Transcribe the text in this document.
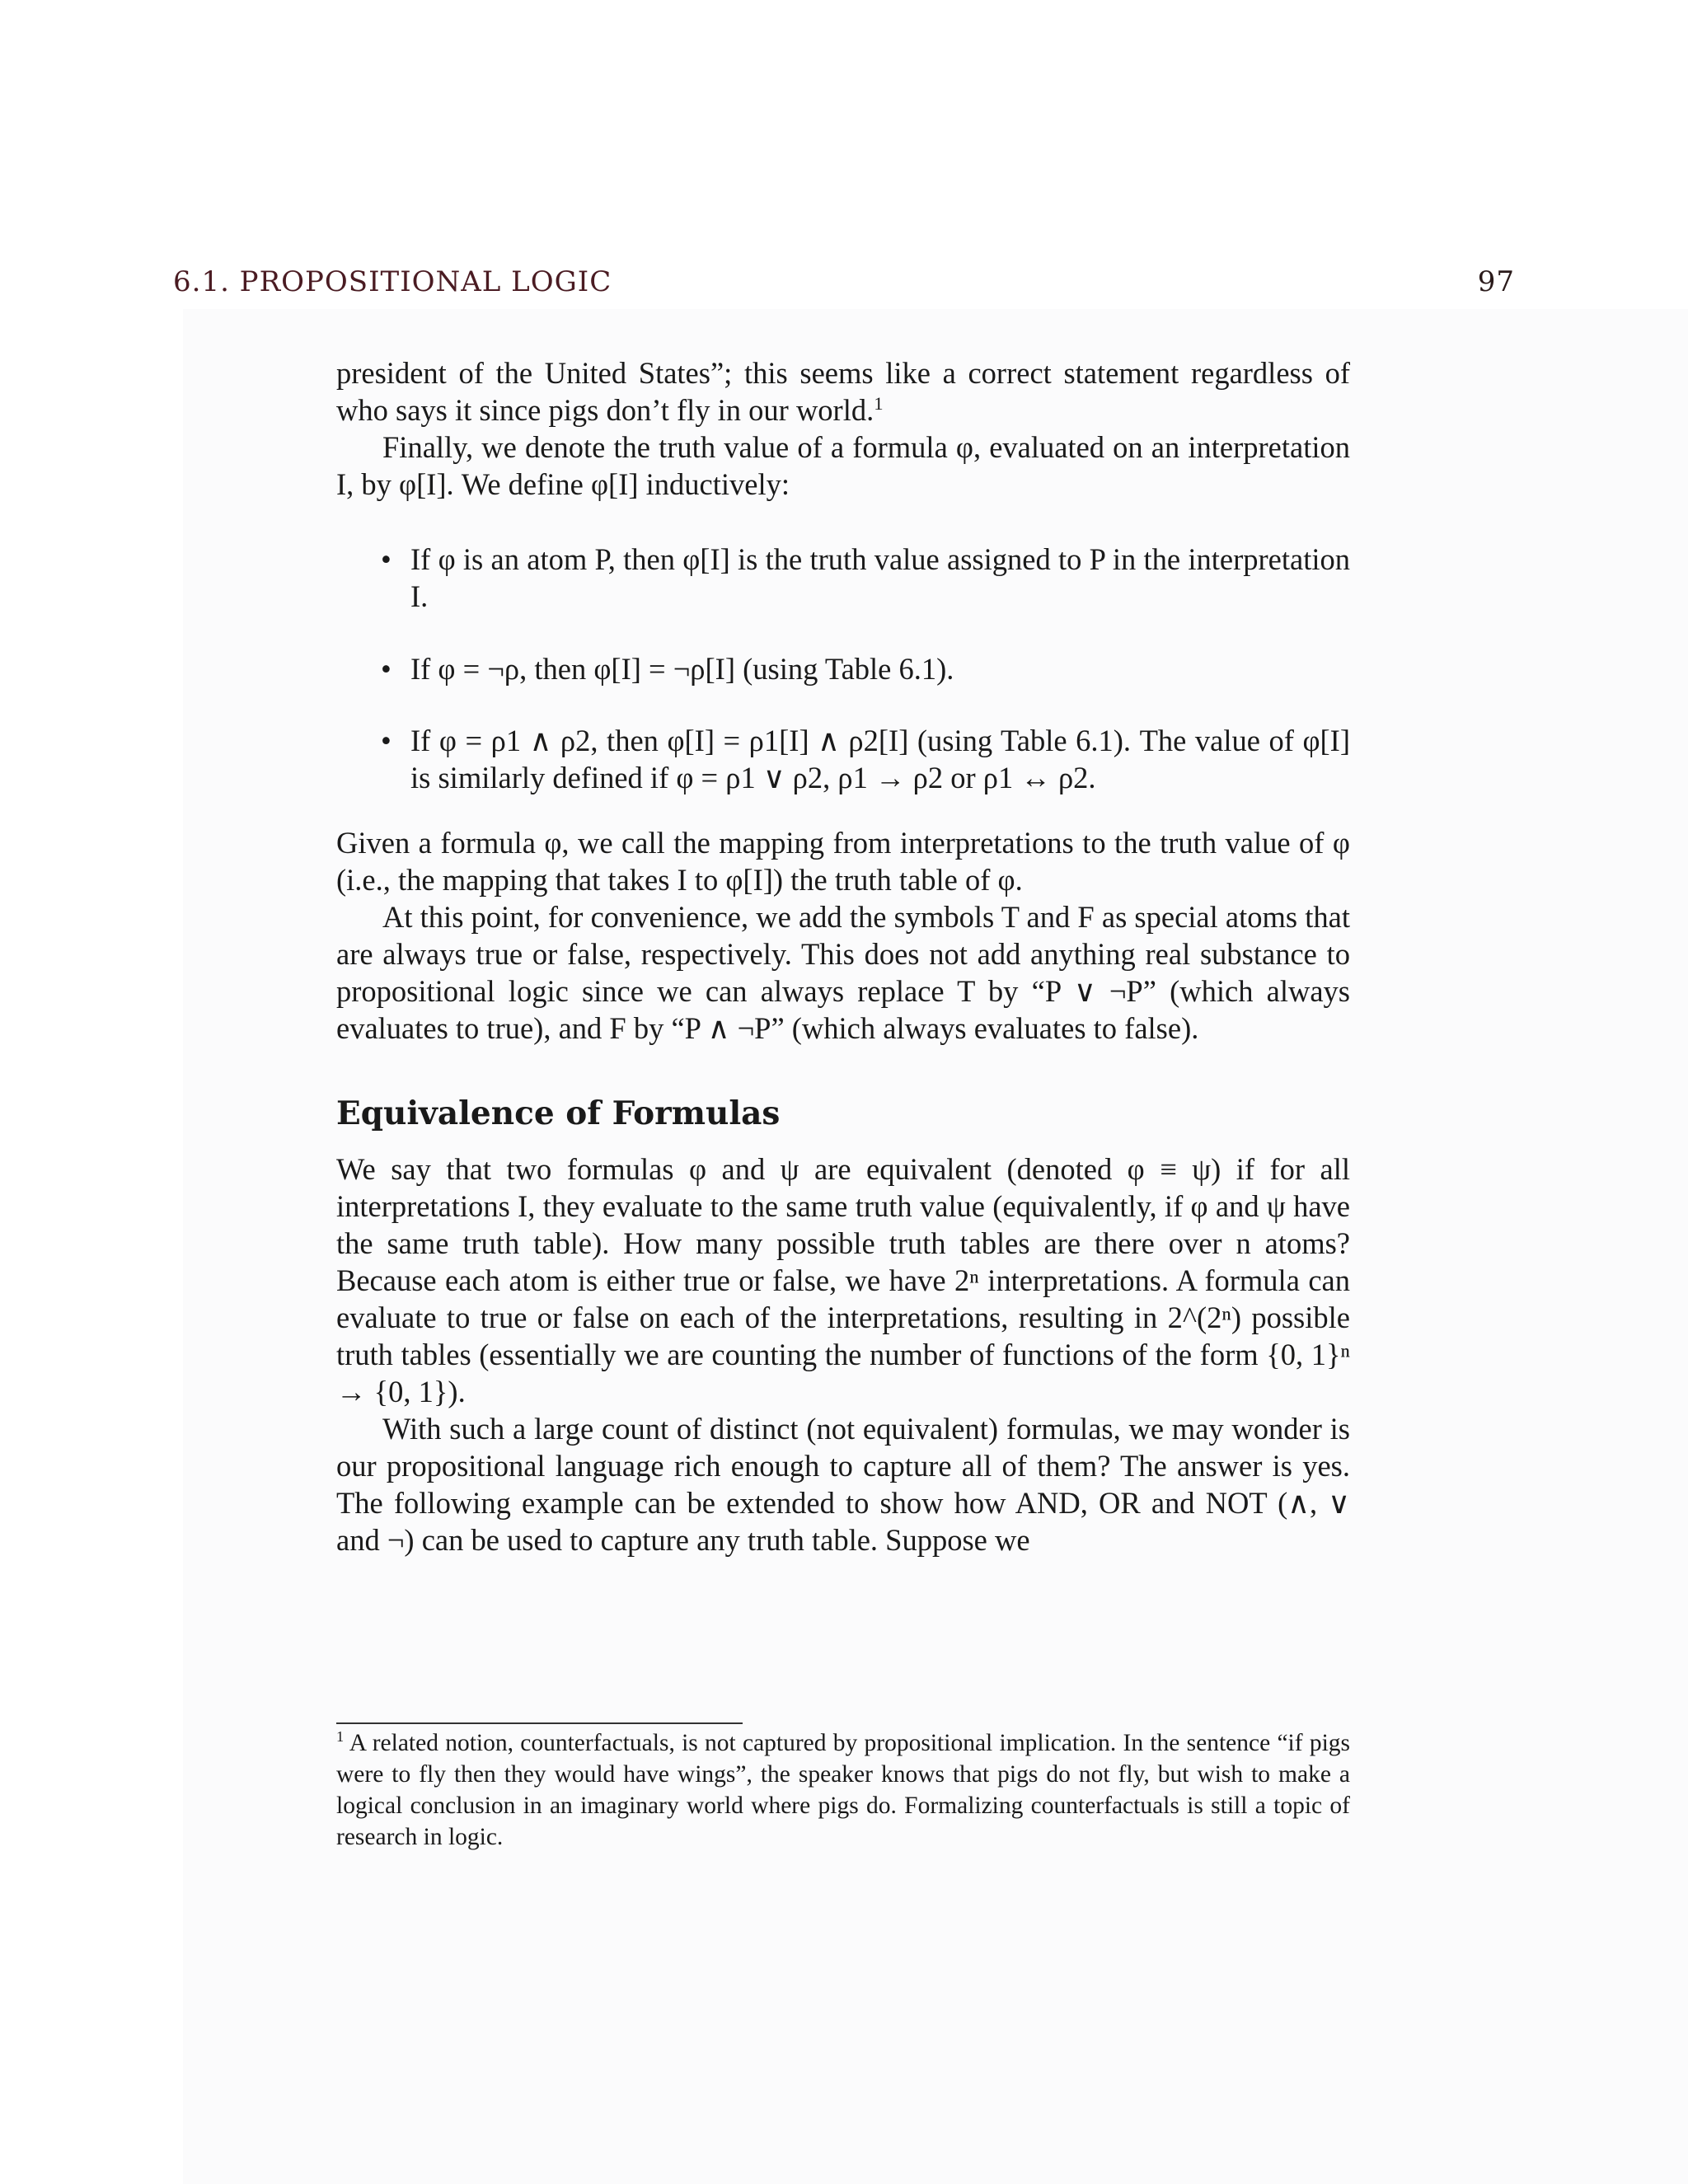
6.1. PROPOSITIONAL LOGIC	97

president of the United States”; this seems like a correct statement regardless of who says it since pigs don’t fly in our world.$^1$

Finally, we denote the truth value of a formula φ, evaluated on an interpretation I, by φ[I]. We define φ[I] inductively:

• If φ is an atom P, then φ[I] is the truth value assigned to P in the interpretation I.
• If φ = ¬ρ, then φ[I] = ¬ρ[I] (using Table 6.1).
• If φ = ρ1 ∧ ρ2, then φ[I] = ρ1[I] ∧ ρ2[I] (using Table 6.1). The value of φ[I] is similarly defined if φ = ρ1 ∨ ρ2, ρ1 → ρ2 or ρ1 ↔ ρ2.

Given a formula φ, we call the mapping from interpretations to the truth value of φ (i.e., the mapping that takes I to φ[I]) the truth table of φ.

At this point, for convenience, we add the symbols T and F as special atoms that are always true or false, respectively. This does not add anything real substance to propositional logic since we can always replace T by “P ∨ ¬P” (which always evaluates to true), and F by “P ∧ ¬P” (which always evaluates to false).

Equivalence of Formulas

We say that two formulas φ and ψ are equivalent (denoted φ ≡ ψ) if for all interpretations I, they evaluate to the same truth value (equivalently, if φ and ψ have the same truth table). How many possible truth tables are there over n atoms? Because each atom is either true or false, we have 2ⁿ interpretations. A formula can evaluate to true or false on each of the interpretations, resulting in 2^(2ⁿ) possible truth tables (essentially we are counting the number of functions of the form {0, 1}ⁿ → {0, 1}).

With such a large count of distinct (not equivalent) formulas, we may wonder is our propositional language rich enough to capture all of them? The answer is yes. The following example can be extended to show how AND, OR and NOT (∧, ∨ and ¬) can be used to capture any truth table. Suppose we

$^1$ A related notion, counterfactuals, is not captured by propositional implication. In the sentence “if pigs were to fly then they would have wings”, the speaker knows that pigs do not fly, but wish to make a logical conclusion in an imaginary world where pigs do. Formalizing counterfactuals is still a topic of research in logic.
